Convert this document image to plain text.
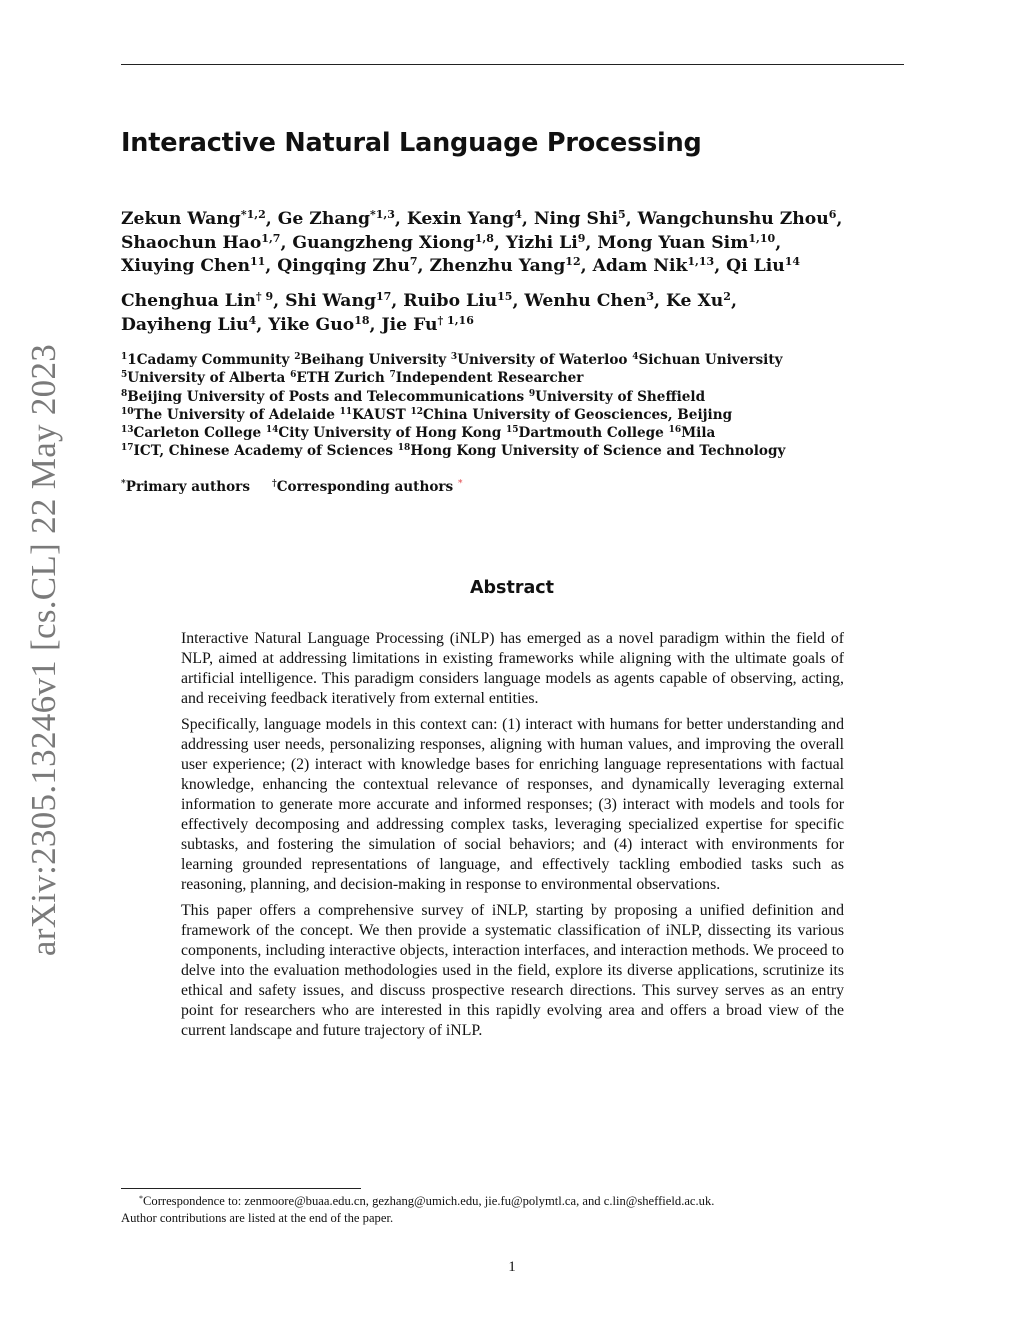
arXiv:2305.13246v1 [cs.CL] 22 May 2023
Interactive Natural Language Processing
Zekun Wang$^{*1,2}$, Ge Zhang$^{*1,3}$, Kexin Yang$^4$, Ning Shi$^5$, Wangchunshu Zhou$^6$,
Shaochun Hao$^{1,7}$, Guangzheng Xiong$^{1,8}$, Yizhi Li$^9$, Mong Yuan Sim$^{1,10}$,
Xiuying Chen$^{11}$, Qingqing Zhu$^7$, Zhenzhu Yang$^{12}$, Adam Nik$^{1,13}$, Qi Liu$^{14}$
Chenghua Lin$^{\dagger 9}$, Shi Wang$^{17}$, Ruibo Liu$^{15}$, Wenhu Chen$^3$, Ke Xu$^2$,
Dayiheng Liu$^4$, Yike Guo$^{18}$, Jie Fu$^{\dagger 1,16}$
$^1$1Cadamy Community $^2$Beihang University $^3$University of Waterloo $^4$Sichuan University
$^5$University of Alberta $^6$ETH Zurich $^7$Independent Researcher
$^8$Beijing University of Posts and Telecommunications $^9$University of Sheffield
$^{10}$The University of Adelaide $^{11}$KAUST $^{12}$China University of Geosciences, Beijing
$^{13}$Carleton College $^{14}$City University of Hong Kong $^{15}$Dartmouth College $^{16}$Mila
$^{17}$ICT, Chinese Academy of Sciences $^{18}$Hong Kong University of Science and Technology
*Primary authors †Corresponding authors *
Abstract

Interactive Natural Language Processing (iNLP) has emerged as a novel paradigm within the field of NLP, aimed at addressing limitations in existing frameworks while aligning with the ultimate goals of artificial intelligence. This paradigm considers language models as agents capable of observing, acting, and receiving feedback iteratively from external entities.

Specifically, language models in this context can: (1) interact with humans for better understanding and addressing user needs, personalizing responses, aligning with human values, and improving the overall user experience; (2) interact with knowledge bases for enriching language representations with factual knowledge, enhancing the contextual relevance of responses, and dynamically leveraging external information to generate more accurate and informed responses; (3) interact with models and tools for effectively decomposing and addressing complex tasks, leveraging specialized expertise for specific subtasks, and fostering the simulation of social behaviors; and (4) interact with environments for learning grounded representations of language, and effectively tackling embodied tasks such as reasoning, planning, and decision-making in response to environmental observations.

This paper offers a comprehensive survey of iNLP, starting by proposing a unified definition and framework of the concept. We then provide a systematic classification of iNLP, dissecting its various components, including interactive objects, interaction interfaces, and interaction methods. We proceed to delve into the evaluation methodologies used in the field, explore its diverse applications, scrutinize its ethical and safety issues, and discuss prospective research directions. This survey serves as an entry point for researchers who are interested in this rapidly evolving area and offers a broad view of the current landscape and future trajectory of iNLP.

*Correspondence to: zenmoore@buaa.edu.cn, gezhang@umich.edu, jie.fu@polymtl.ca, and c.lin@sheffield.ac.uk.
Author contributions are listed at the end of the paper.
1
